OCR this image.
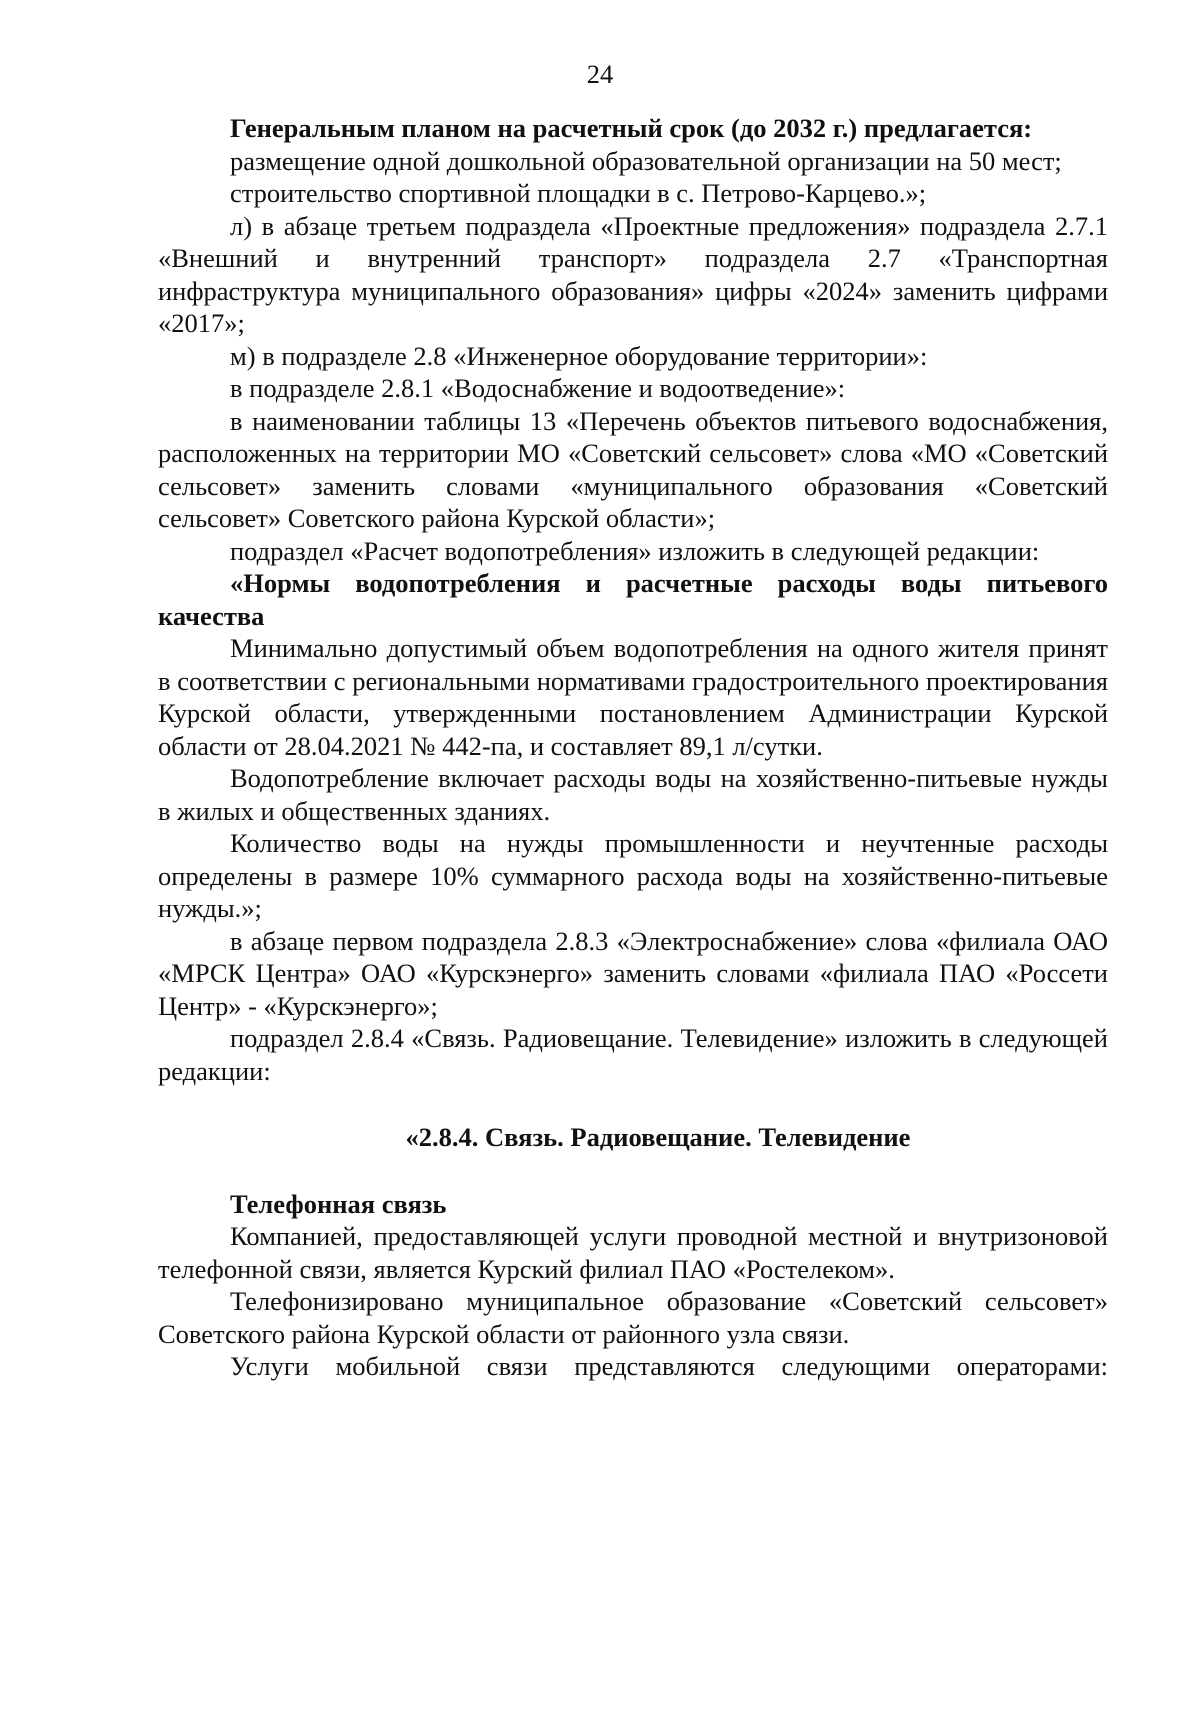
24

Генеральным планом на расчетный срок (до 2032 г.) предлагается:

размещение одной дошкольной образовательной организации на 50 мест;

строительство спортивной площадки в с. Петрово-Карцево.»;

л) в абзаце третьем подраздела «Проектные предложения» подраздела 2.7.1 «Внешний и внутренний транспорт» подраздела 2.7 «Транспортная инфраструктура муниципального образования» цифры «2024» заменить цифрами «2017»;

м) в подразделе 2.8 «Инженерное оборудование территории»:

в подразделе 2.8.1 «Водоснабжение и водоотведение»:

в наименовании таблицы 13 «Перечень объектов питьевого водоснабжения, расположенных на территории МО «Советский сельсовет» слова «МО «Советский сельсовет» заменить словами «муниципального образования «Советский сельсовет» Советского района Курской области»;

подраздел «Расчет водопотребления» изложить в следующей редакции:

«Нормы водопотребления и расчетные расходы воды питьевого качества

Минимально допустимый объем водопотребления на одного жителя принят в соответствии с региональными нормативами градостроительного проектирования Курской области, утвержденными постановлением Администрации Курской области от 28.04.2021 № 442-па, и составляет 89,1 л/сутки.

Водопотребление включает расходы воды на хозяйственно-питьевые нужды в жилых и общественных зданиях.

Количество воды на нужды промышленности и неучтенные расходы определены в размере 10% суммарного расхода воды на хозяйственно-питьевые нужды.»;

в абзаце первом подраздела 2.8.3 «Электроснабжение» слова «филиала ОАО «МРСК Центра» ОАО «Курскэнерго» заменить словами «филиала ПАО «Россети Центр» - «Курскэнерго»;

подраздел 2.8.4 «Связь. Радиовещание. Телевидение» изложить в следующей редакции:

«2.8.4. Связь. Радиовещание. Телевидение

Телефонная связь

Компанией, предоставляющей услуги проводной местной и внутризоновой телефонной связи, является Курский филиал ПАО «Ростелеком».

Телефонизировано муниципальное образование «Советский сельсовет» Советского района Курской области от районного узла связи.

Услуги мобильной связи представляются следующими операторами:
